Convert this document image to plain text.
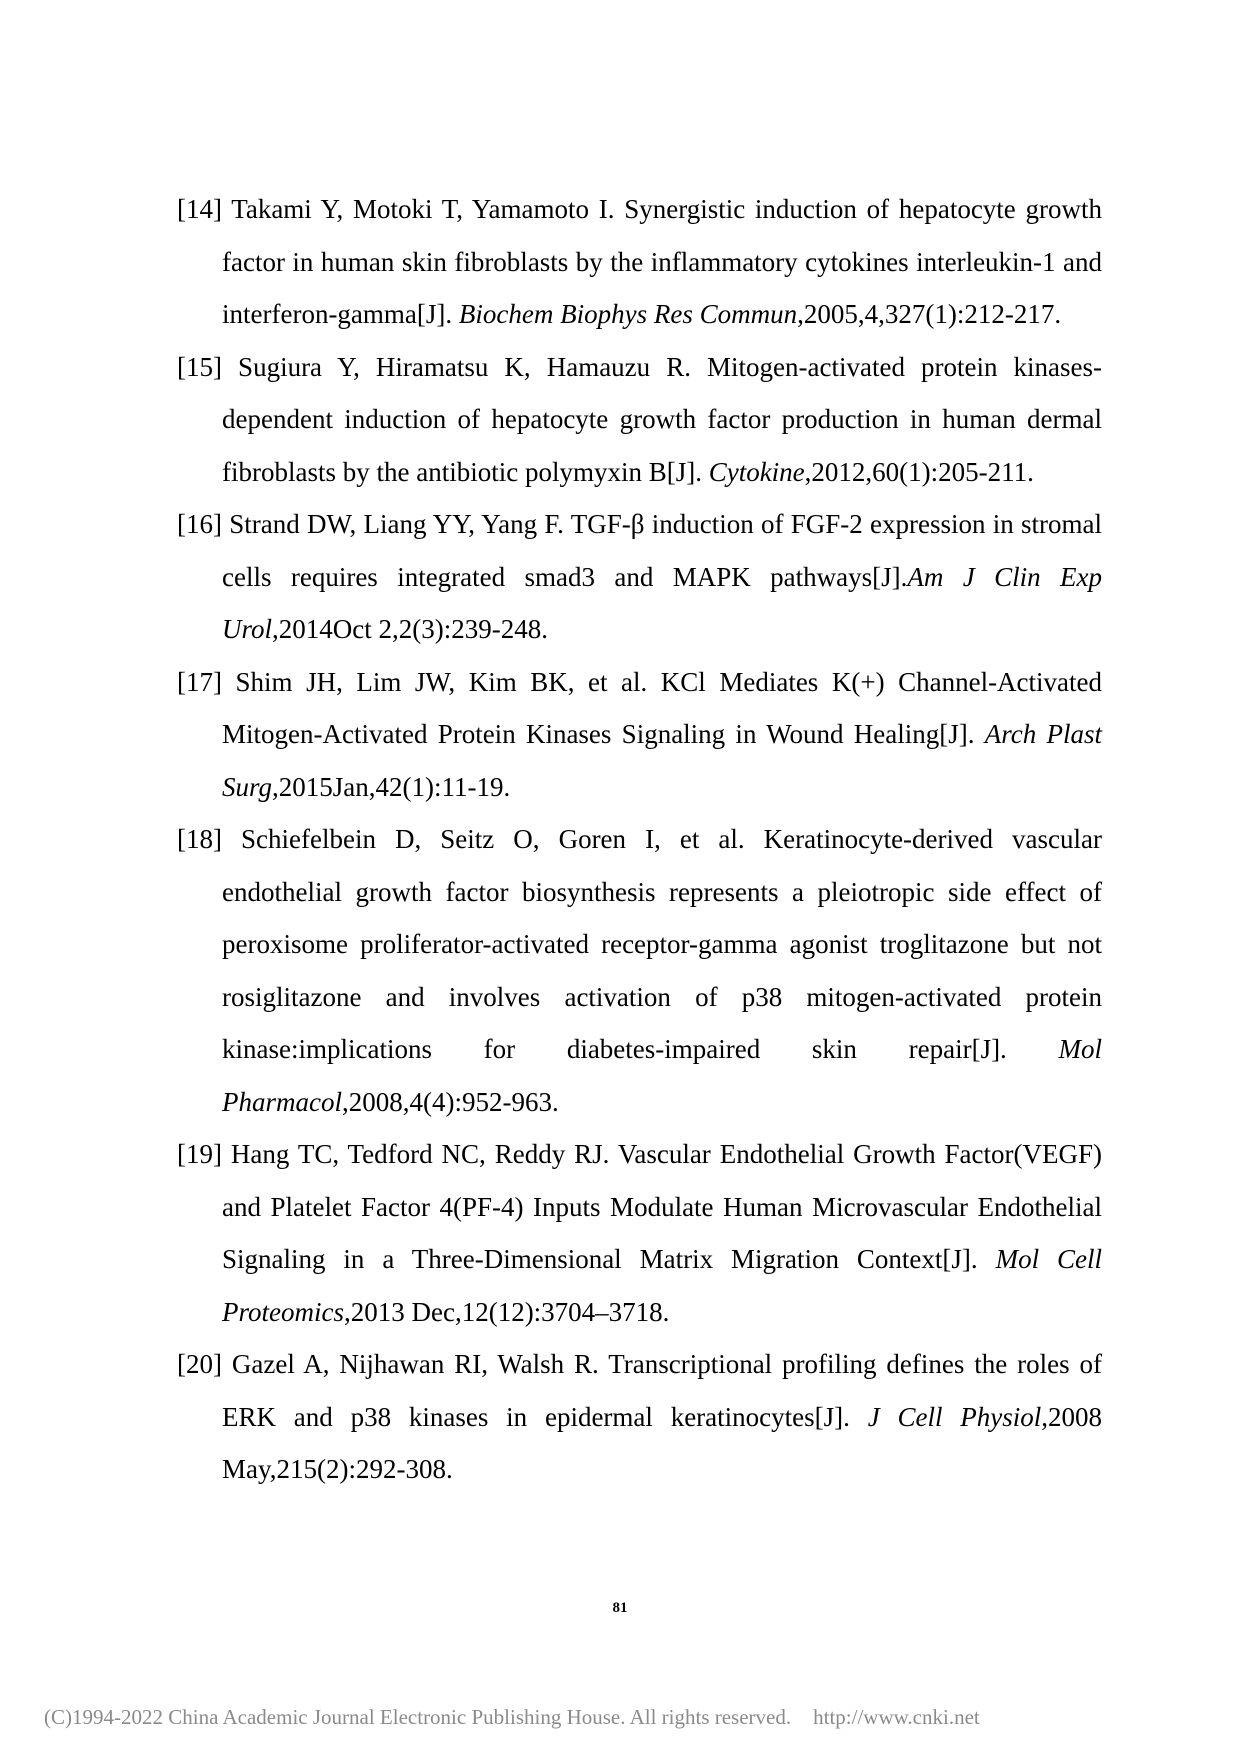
[14] Takami Y, Motoki T, Yamamoto I. Synergistic induction of hepatocyte growth factor in human skin fibroblasts by the inflammatory cytokines interleukin-1 and interferon-gamma[J]. Biochem Biophys Res Commun,2005,4,327(1):212-217.
[15] Sugiura Y, Hiramatsu K, Hamauzu R. Mitogen-activated protein kinases-dependent induction of hepatocyte growth factor production in human dermal fibroblasts by the antibiotic polymyxin B[J]. Cytokine,2012,60(1):205-211.
[16] Strand DW, Liang YY, Yang F. TGF-β induction of FGF-2 expression in stromal cells requires integrated smad3 and MAPK pathways[J].Am J Clin Exp Urol,2014Oct 2,2(3):239-248.
[17] Shim JH, Lim JW, Kim BK, et al. KCl Mediates K(+) Channel-Activated Mitogen-Activated Protein Kinases Signaling in Wound Healing[J]. Arch Plast Surg,2015Jan,42(1):11-19.
[18] Schiefelbein D, Seitz O, Goren I, et al. Keratinocyte-derived vascular endothelial growth factor biosynthesis represents a pleiotropic side effect of peroxisome proliferator-activated receptor-gamma agonist troglitazone but not rosiglitazone and involves activation of p38 mitogen-activated protein kinase:implications for diabetes-impaired skin repair[J]. Mol Pharmacol,2008,4(4):952-963.
[19] Hang TC, Tedford NC, Reddy RJ. Vascular Endothelial Growth Factor(VEGF) and Platelet Factor 4(PF-4) Inputs Modulate Human Microvascular Endothelial Signaling in a Three-Dimensional Matrix Migration Context[J]. Mol Cell Proteomics,2013 Dec,12(12):3704–3718.
[20] Gazel A, Nijhawan RI, Walsh R. Transcriptional profiling defines the roles of ERK and p38 kinases in epidermal keratinocytes[J]. J Cell Physiol,2008 May,215(2):292-308.
81
(C)1994-2022 China Academic Journal Electronic Publishing House. All rights reserved. http://www.cnki.net
